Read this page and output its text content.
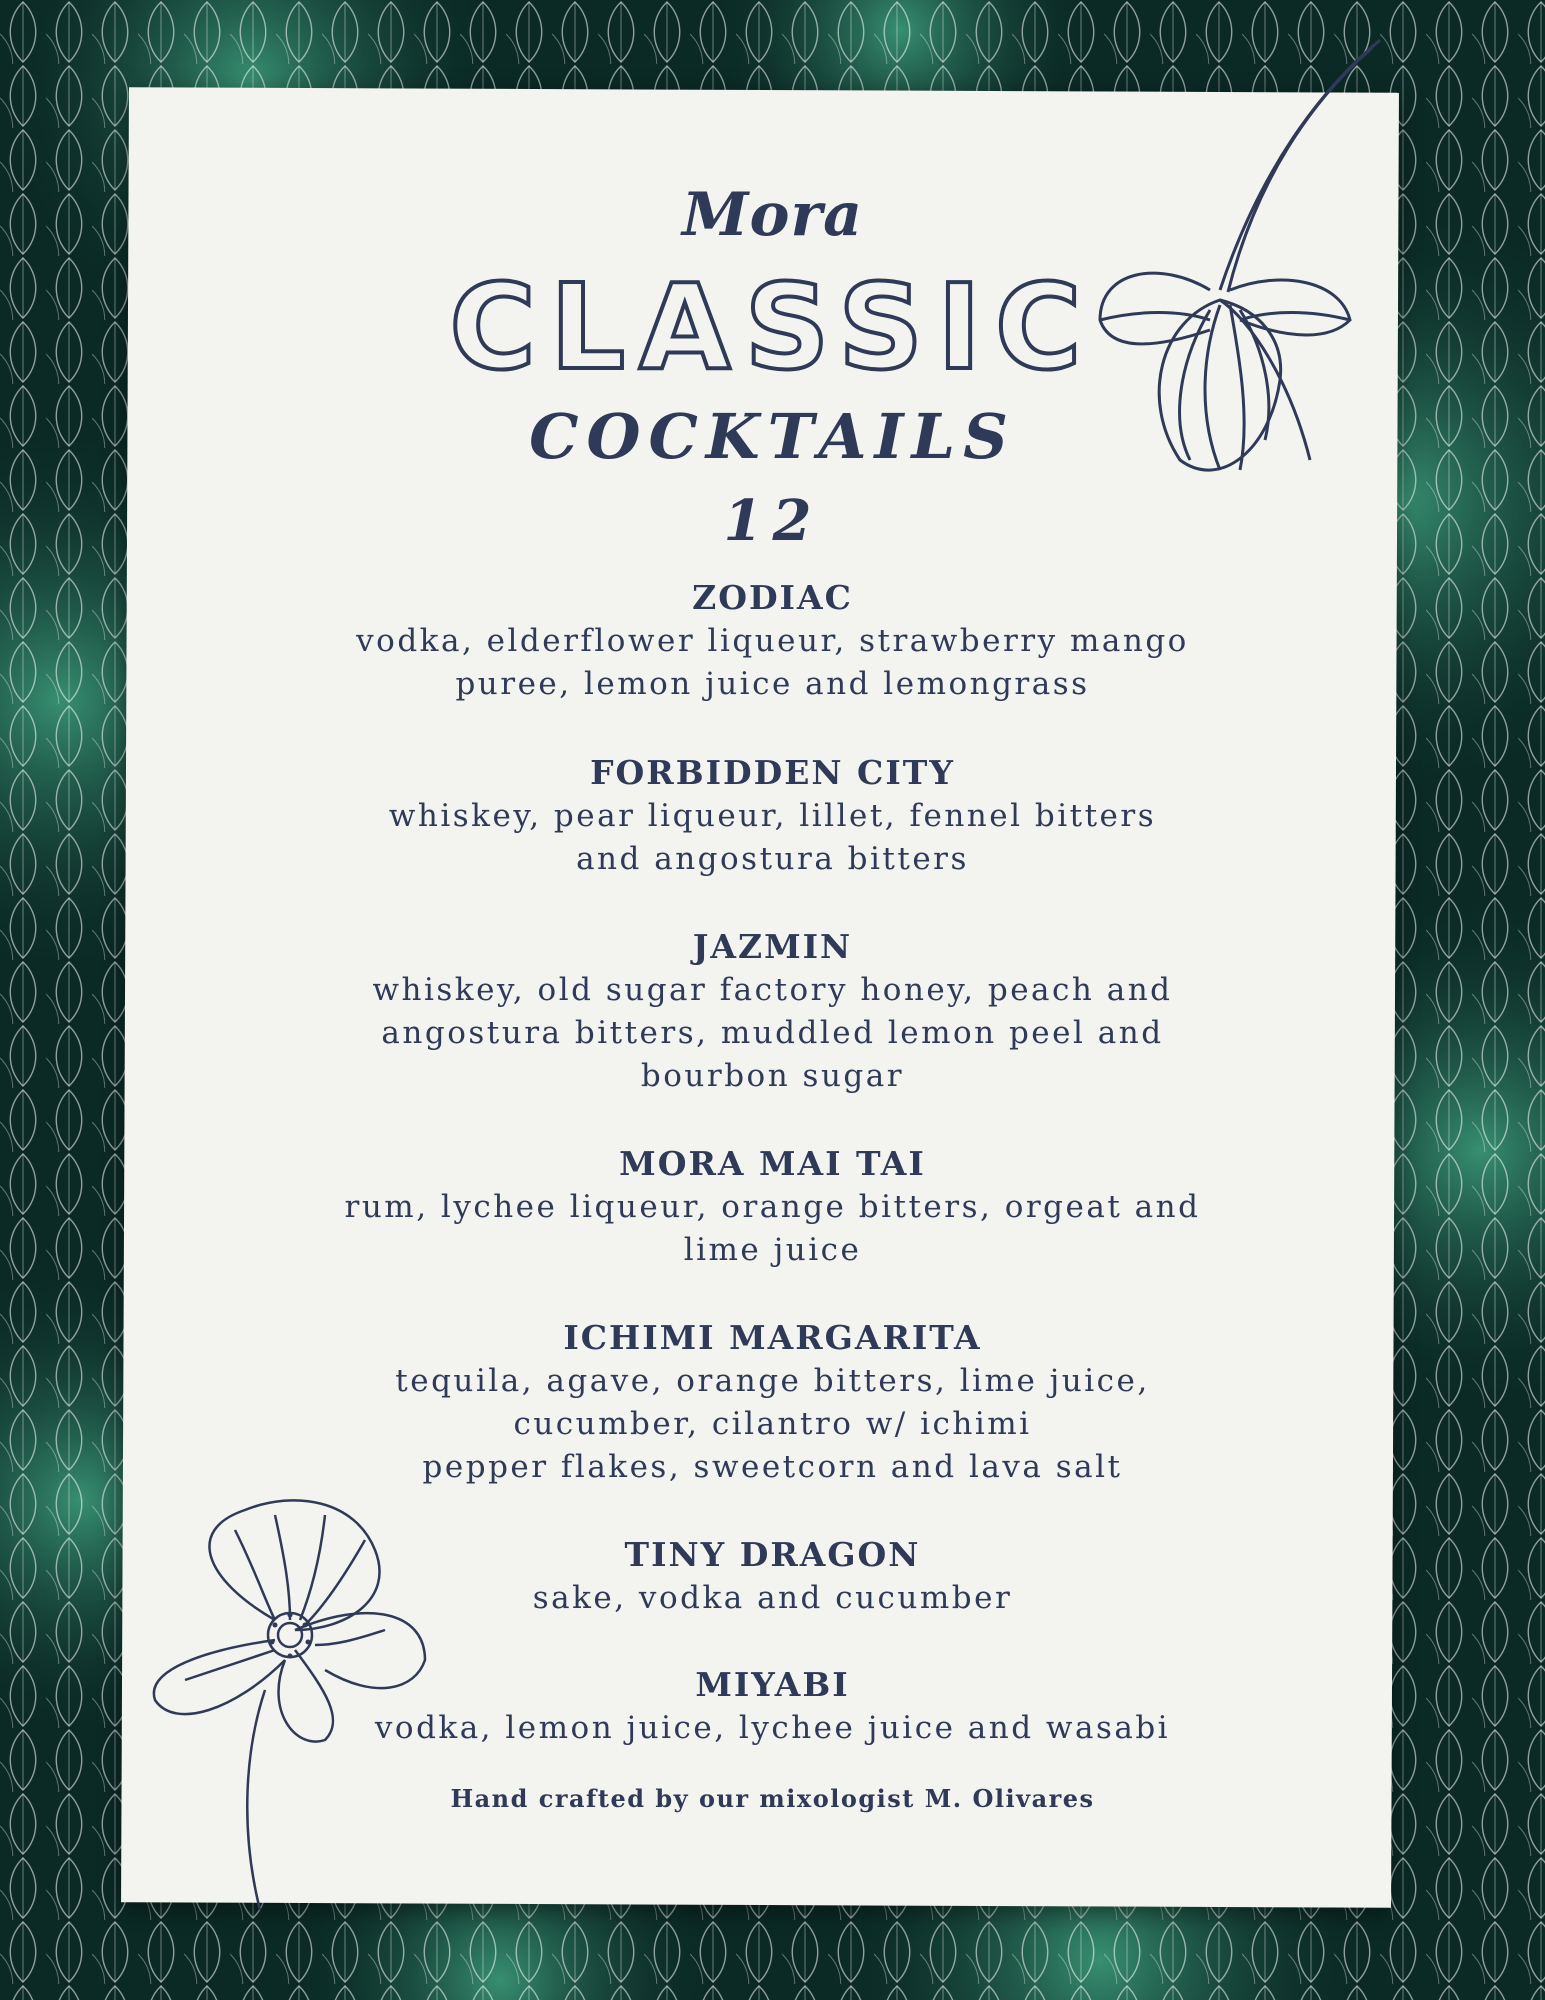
Mora
CLASSIC
COCKTAILS
12
ZODIAC
vodka, elderflower liqueur, strawberry mango
puree, lemon juice and lemongrass
FORBIDDEN CITY
whiskey, pear liqueur, lillet, fennel bitters
and angostura bitters
JAZMIN
whiskey, old sugar factory honey, peach and
angostura bitters, muddled lemon peel and
bourbon sugar
MORA MAI TAI
rum, lychee liqueur, orange bitters, orgeat and
lime juice
ICHIMI MARGARITA
tequila, agave, orange bitters, lime juice,
cucumber, cilantro w/ ichimi
pepper flakes, sweetcorn and lava salt
TINY DRAGON
sake, vodka and cucumber
MIYABI
vodka, lemon juice, lychee juice and wasabi
Hand crafted by our mixologist M. Olivares
